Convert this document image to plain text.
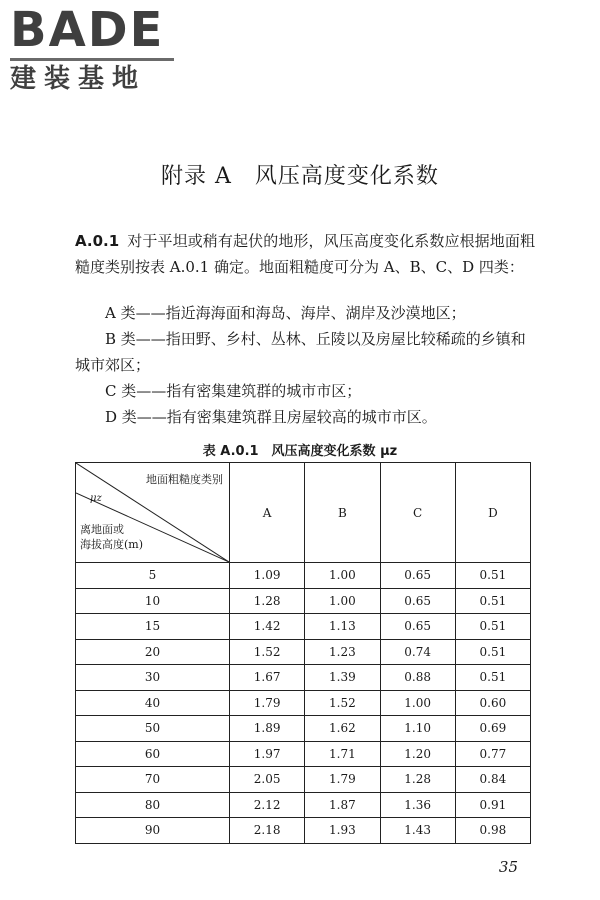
BADE
建装基地
附录 A　风压高度变化系数
A.0.1 对于平坦或稍有起伏的地形，风压高度变化系数应根据地面粗糙度类别按表 A.0.1 确定。地面粗糙度可分为 A、B、C、D 四类：
A 类——指近海海面和海岛、海岸、湖岸及沙漠地区；
B 类——指田野、乡村、丛林、丘陵以及房屋比较稀疏的乡镇和城市郊区；
C 类——指有密集建筑群的城市市区；
D 类——指有密集建筑群且房屋较高的城市市区。
表 A.0.1　风压高度变化系数 μz
地面粗糙度类别
μz
离地面或
海拔高度(m)	A	B	C	D
5	1.09	1.00	0.65	0.51
10	1.28	1.00	0.65	0.51
15	1.42	1.13	0.65	0.51
20	1.52	1.23	0.74	0.51
30	1.67	1.39	0.88	0.51
40	1.79	1.52	1.00	0.60
50	1.89	1.62	1.10	0.69
60	1.97	1.71	1.20	0.77
70	2.05	1.79	1.28	0.84
80	2.12	1.87	1.36	0.91
90	2.18	1.93	1.43	0.98
35
